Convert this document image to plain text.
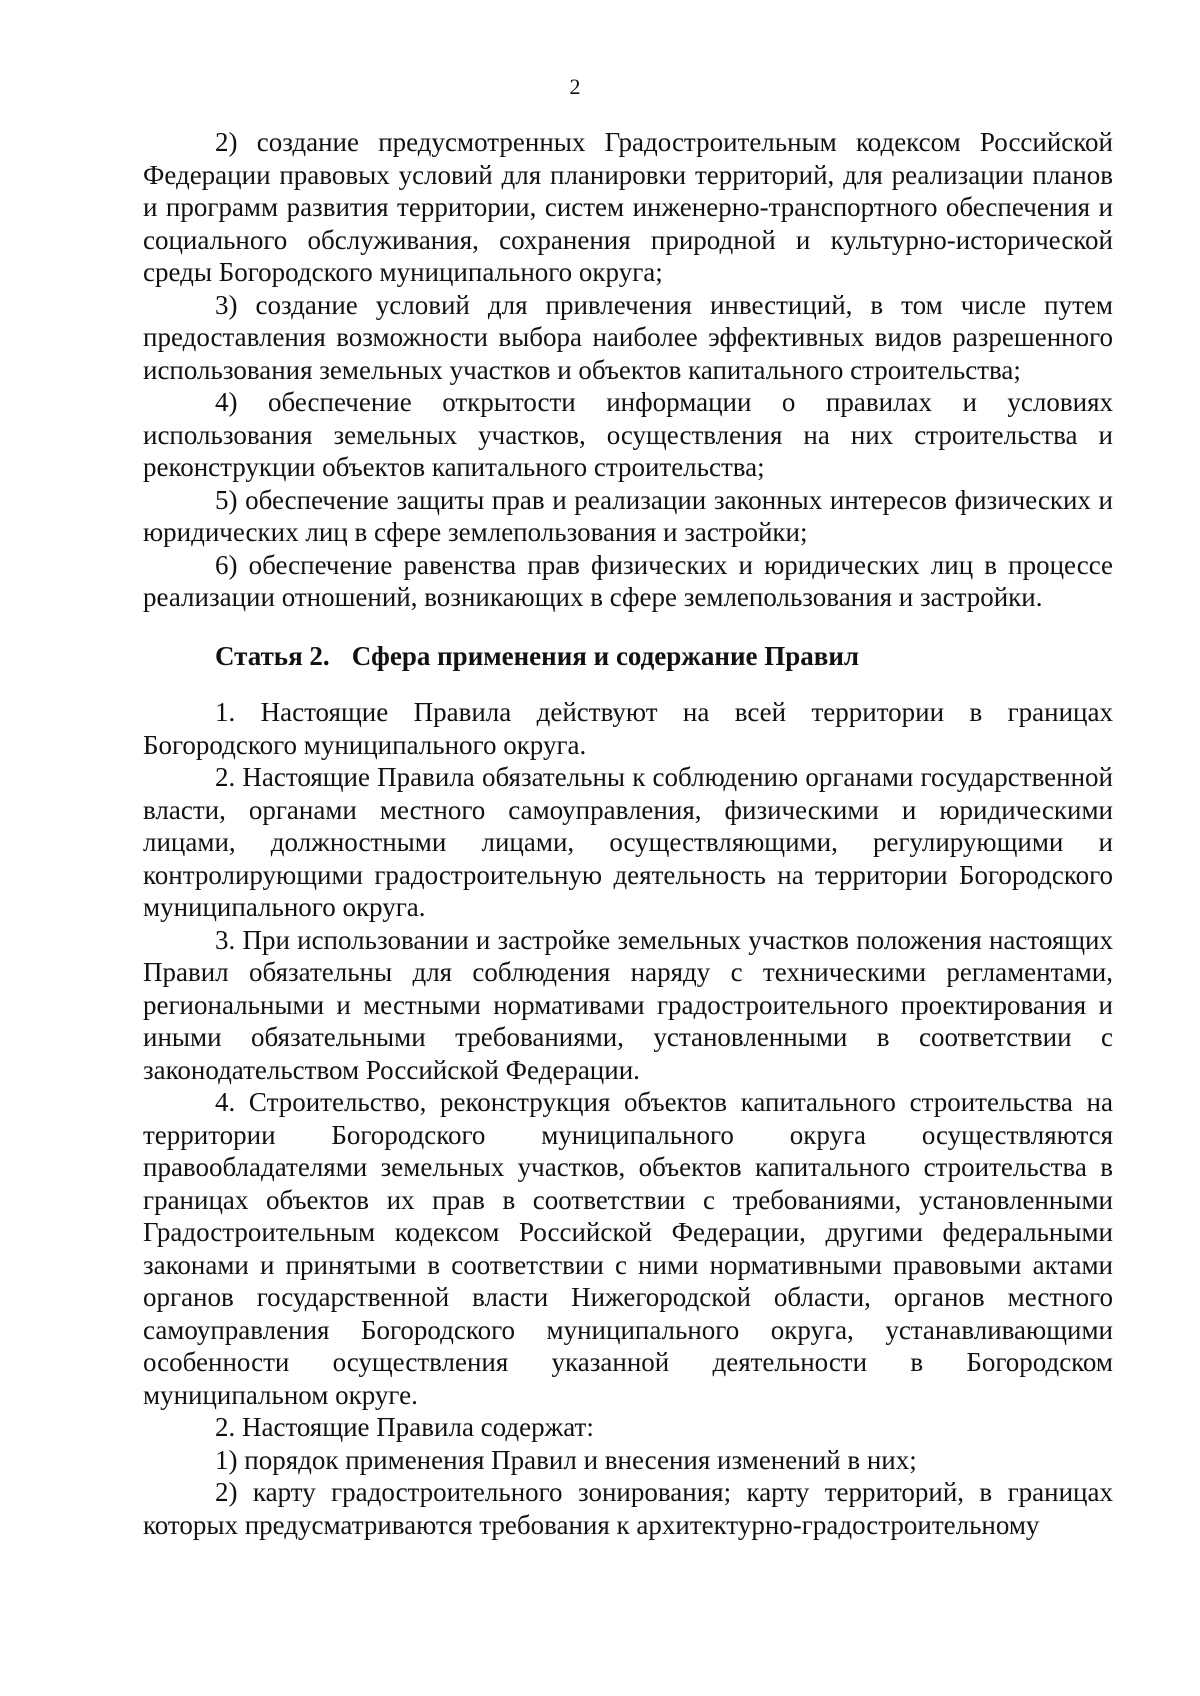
2

2) создание предусмотренных Градостроительным кодексом Российской Федерации правовых условий для планировки территорий, для реализации планов и программ развития территории, систем инженерно-транспортного обеспечения и социального обслуживания, сохранения природной и культурно-исторической среды Богородского муниципального округа;

3) создание условий для привлечения инвестиций, в том числе путем предоставления возможности выбора наиболее эффективных видов разрешенного использования земельных участков и объектов капитального строительства;

4) обеспечение открытости информации о правилах и условиях использования земельных участков, осуществления на них строительства и реконструкции объектов капитального строительства;

5) обеспечение защиты прав и реализации законных интересов физических и юридических лиц в сфере землепользования и застройки;

6) обеспечение равенства прав физических и юридических лиц в процессе реализации отношений, возникающих в сфере землепользования и застройки.

Статья 2. Сфера применения и содержание Правил

1. Настоящие Правила действуют на всей территории в границах Богородского муниципального округа.

2. Настоящие Правила обязательны к соблюдению органами государственной власти, органами местного самоуправления, физическими и юридическими лицами, должностными лицами, осуществляющими, регулирующими и контролирующими градостроительную деятельность на территории Богородского муниципального округа.

3. При использовании и застройке земельных участков положения настоящих Правил обязательны для соблюдения наряду с техническими регламентами, региональными и местными нормативами градостроительного проектирования и иными обязательными требованиями, установленными в соответствии с законодательством Российской Федерации.

4. Строительство, реконструкция объектов капитального строительства на территории Богородского муниципального округа осуществляются правообладателями земельных участков, объектов капитального строительства в границах объектов их прав в соответствии с требованиями, установленными Градостроительным кодексом Российской Федерации, другими федеральными законами и принятыми в соответствии с ними нормативными правовыми актами органов государственной власти Нижегородской области, органов местного самоуправления Богородского муниципального округа, устанавливающими особенности осуществления указанной деятельности в Богородском муниципальном округе.

2. Настоящие Правила содержат:

1) порядок применения Правил и внесения изменений в них;

2) карту градостроительного зонирования; карту территорий, в границах которых предусматриваются требования к архитектурно-градостроительному
